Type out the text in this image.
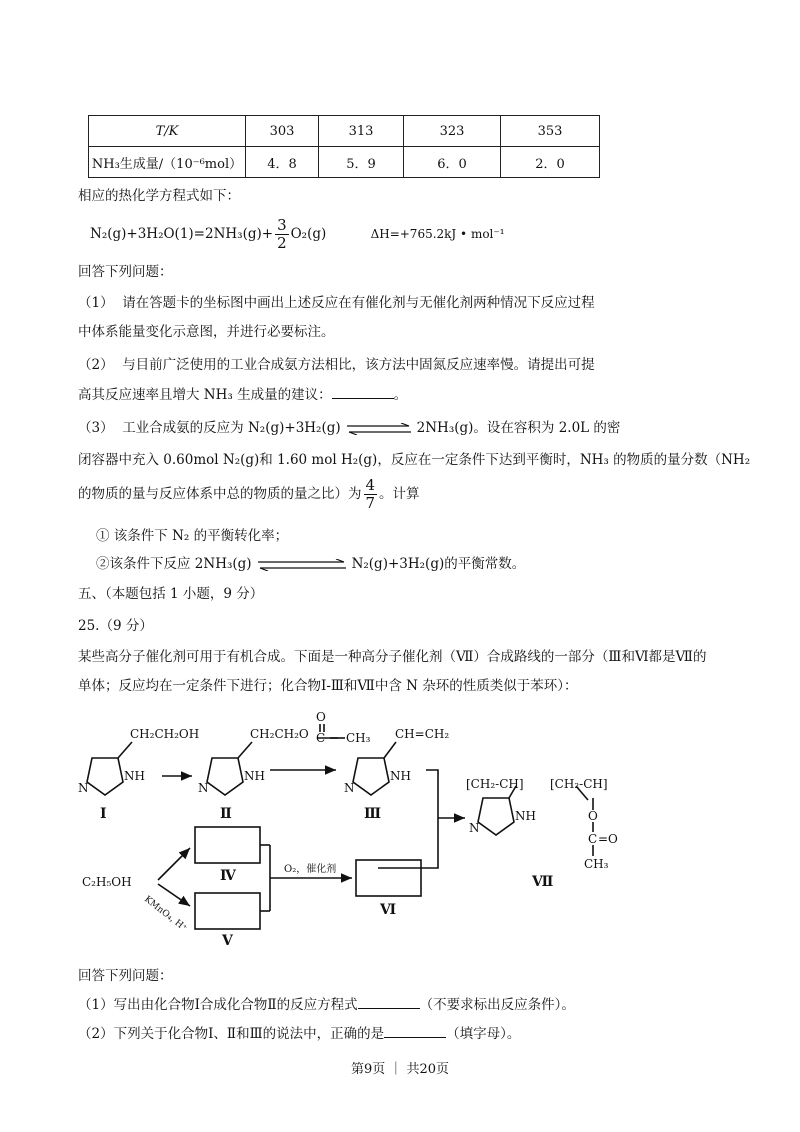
T/K	303	313	323	353
NH₃生成量/（10⁻⁶mol）	4．8	5．9	6．0	2．0
相应的热化学方程式如下：
$N_2(g)+3H_2O(1)=2NH_3(g)+ \frac{3}{2} O_2(g)$	ΔH=+765.2kJ • mol⁻¹
回答下列问题：
（1） 请在答题卡的坐标图中画出上述反应在有催化剂与无催化剂两种情况下反应过程
中体系能量变化示意图，并进行必要标注。
（2） 与目前广泛使用的工业合成氨方法相比，该方法中固氮反应速率慢。请提出可提
高其反应速率且增大 NH₃ 生成量的建议：	。
（3） 工业合成氨的反应为 N₂(g)+3H₂(g)	2NH₃(g)。设在容积为 2.0L 的密
闭容器中充入 0.60mol N₂(g)和 1.60 mol H₂(g)，反应在一定条件下达到平衡时，NH₃ 的物质的量分数（NH₂
的物质的量与反应体系中总的物质的量之比）为 $\frac{4}{7}$ 。计算
① 该条件下 N₂ 的平衡转化率；
②该条件下反应 2NH₃(g)	N₂(g)+3H₂(g)的平衡常数。
五、（本题包括 1 小题，9 分）
25.（9 分）
某些高分子催化剂可用于有机合成。下面是一种高分子催化剂（Ⅶ）合成路线的一部分（Ⅲ和Ⅵ都是Ⅶ的
单体；反应均在一定条件下进行；化合物Ⅰ-Ⅲ和Ⅶ中含 N 杂环的性质类似于苯环）：
CH₂CH₂OH	CH₂CH₂O
O
C CH₃ CH=CH₂
N
NH
N
NH
N
NH
N
NH
[CH₂-CH] [CH₂-CH]
O
C =O
CH₃
C₂H₅OH
O₂，催化剂
KMnO₄, H⁺
Ⅰ	Ⅱ	Ⅲ
Ⅳ
Ⅴ
Ⅵ
Ⅶ
回答下列问题：
（1）写出由化合物Ⅰ合成化合物Ⅱ的反应方程式	（不要求标出反应条件）。
（2）下列关于化合物Ⅰ、Ⅱ和Ⅲ的说法中，正确的是	（填字母）。
第9页 ｜ 共20页
